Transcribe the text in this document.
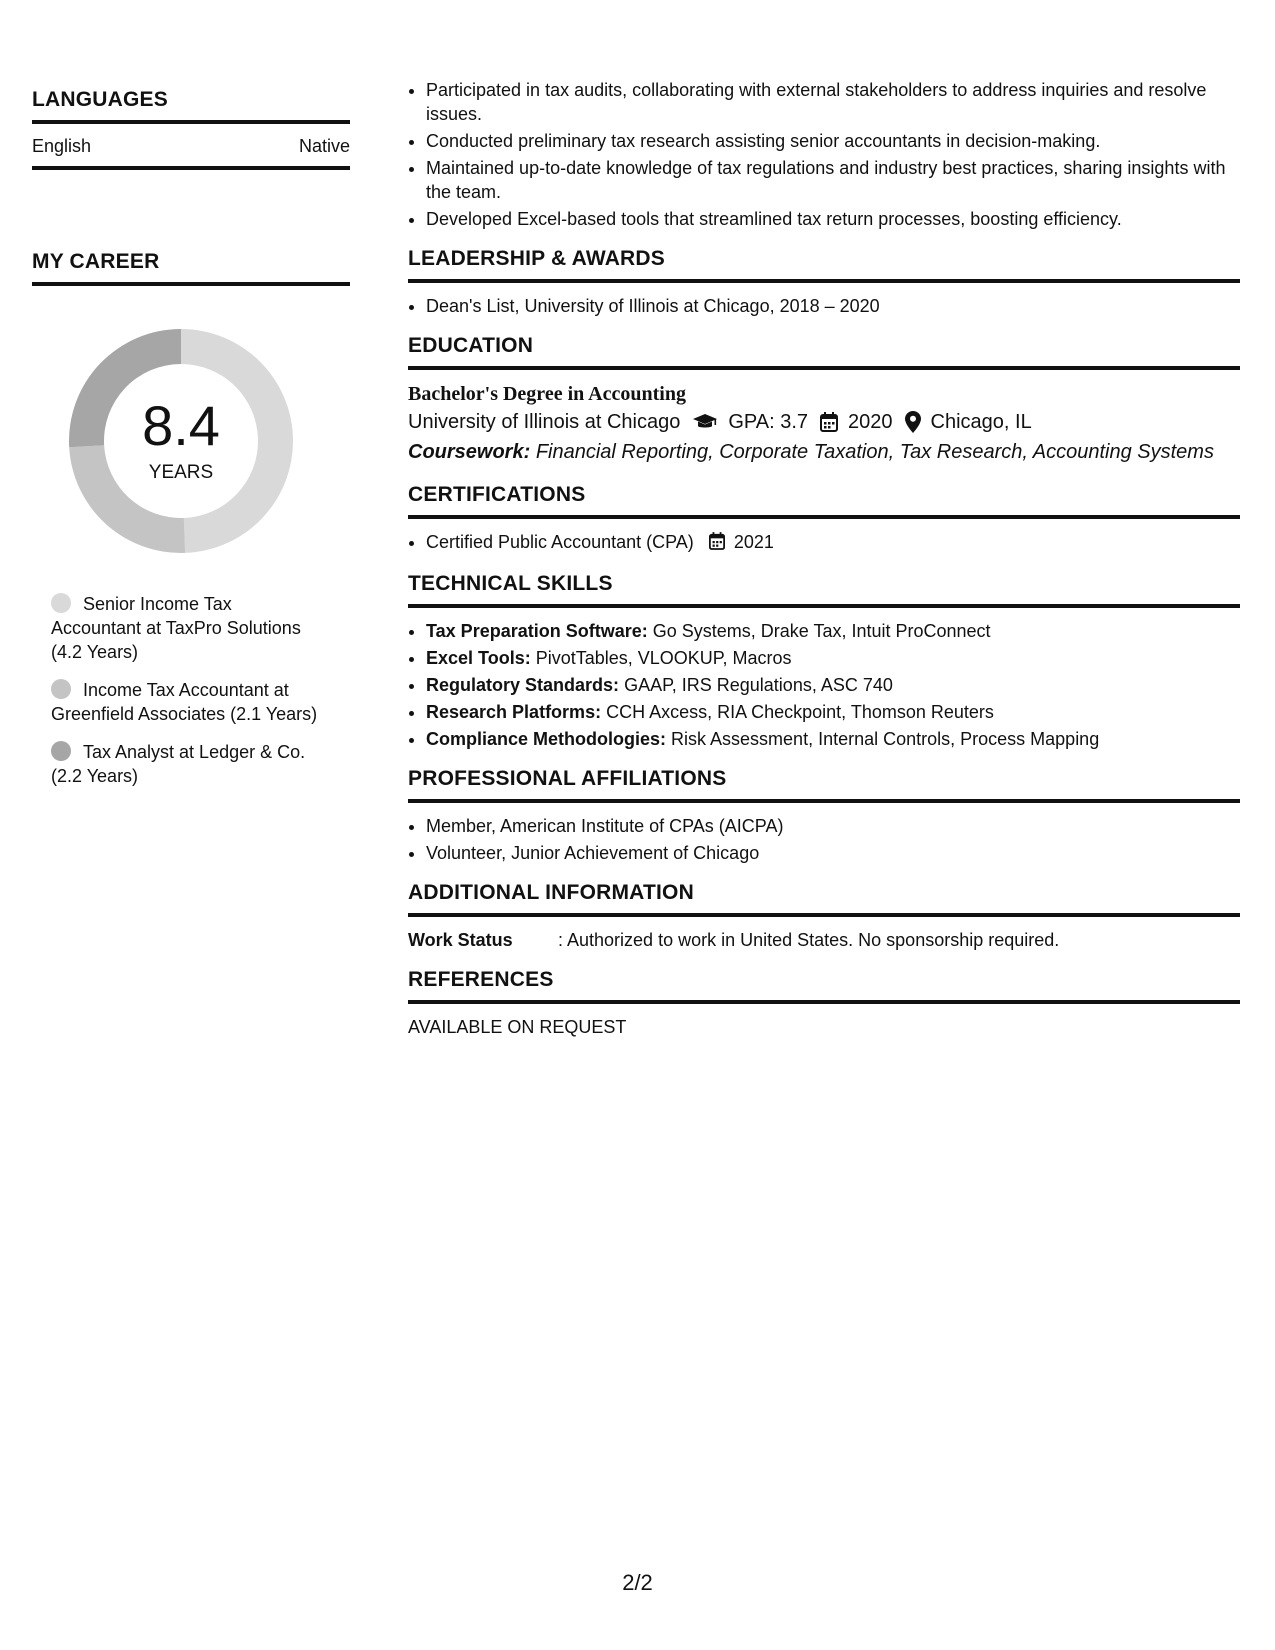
LANGUAGES
English	Native
MY CAREER
8.4
YEARS
Senior Income Tax Accountant at TaxPro Solutions (4.2 Years)
Income Tax Accountant at Greenfield Associates (2.1 Years)
Tax Analyst at Ledger & Co. (2.2 Years)
• Participated in tax audits, collaborating with external stakeholders to address inquiries and resolve issues.
• Conducted preliminary tax research assisting senior accountants in decision-making.
• Maintained up-to-date knowledge of tax regulations and industry best practices, sharing insights with the team.
• Developed Excel-based tools that streamlined tax return processes, boosting efficiency.
LEADERSHIP & AWARDS
• Dean's List, University of Illinois at Chicago, 2018 – 2020
EDUCATION
Bachelor's Degree in Accounting
University of Illinois at Chicago GPA: 3.7 2020 Chicago, IL
Coursework: Financial Reporting, Corporate Taxation, Tax Research, Accounting Systems
CERTIFICATIONS
• Certified Public Accountant (CPA) 2021
TECHNICAL SKILLS
• Tax Preparation Software: Go Systems, Drake Tax, Intuit ProConnect
• Excel Tools: PivotTables, VLOOKUP, Macros
• Regulatory Standards: GAAP, IRS Regulations, ASC 740
• Research Platforms: CCH Axcess, RIA Checkpoint, Thomson Reuters
• Compliance Methodologies: Risk Assessment, Internal Controls, Process Mapping
PROFESSIONAL AFFILIATIONS
• Member, American Institute of CPAs (AICPA)
• Volunteer, Junior Achievement of Chicago
ADDITIONAL INFORMATION
Work Status	: Authorized to work in United States. No sponsorship required.
REFERENCES
AVAILABLE ON REQUEST
2/2
